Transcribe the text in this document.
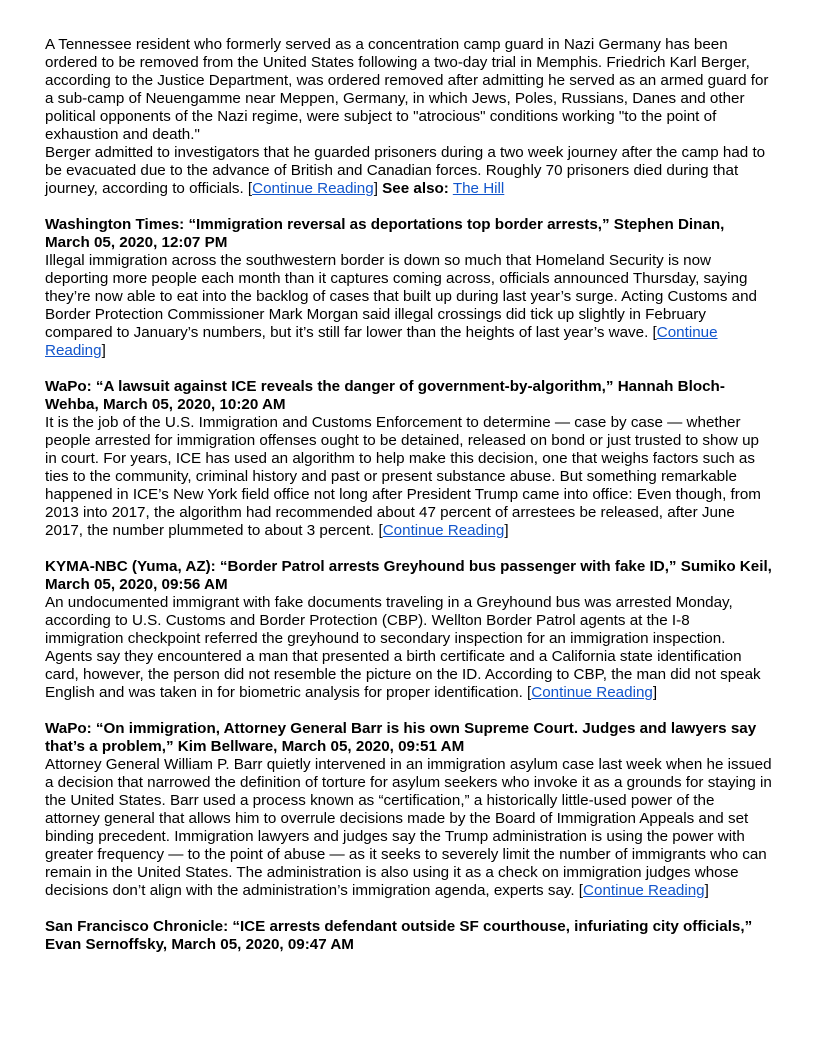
A Tennessee resident who formerly served as a concentration camp guard in Nazi Germany has been ordered to be removed from the United States following a two-day trial in Memphis. Friedrich Karl Berger, according to the Justice Department, was ordered removed after admitting he served as an armed guard for a sub-camp of Neuengamme near Meppen, Germany, in which Jews, Poles, Russians, Danes and other political opponents of the Nazi regime, were subject to "atrocious" conditions working "to the point of exhaustion and death."

Berger admitted to investigators that he guarded prisoners during a two week journey after the camp had to be evacuated due to the advance of British and Canadian forces. Roughly 70 prisoners died during that journey, according to officials. [Continue Reading] See also: The Hill

Washington Times: “Immigration reversal as deportations top border arrests,” Stephen Dinan, March 05, 2020, 12:07 PM

Illegal immigration across the southwestern border is down so much that Homeland Security is now deporting more people each month than it captures coming across, officials announced Thursday, saying they’re now able to eat into the backlog of cases that built up during last year’s surge. Acting Customs and Border Protection Commissioner Mark Morgan said illegal crossings did tick up slightly in February compared to January’s numbers, but it’s still far lower than the heights of last year’s wave. [Continue Reading]

WaPo: “A lawsuit against ICE reveals the danger of government-by-algorithm,” Hannah Bloch-Wehba, March 05, 2020, 10:20 AM

It is the job of the U.S. Immigration and Customs Enforcement to determine — case by case — whether people arrested for immigration offenses ought to be detained, released on bond or just trusted to show up in court. For years, ICE has used an algorithm to help make this decision, one that weighs factors such as ties to the community, criminal history and past or present substance abuse. But something remarkable happened in ICE’s New York field office not long after President Trump came into office: Even though, from 2013 into 2017, the algorithm had recommended about 47 percent of arrestees be released, after June 2017, the number plummeted to about 3 percent. [Continue Reading]

KYMA-NBC (Yuma, AZ): “Border Patrol arrests Greyhound bus passenger with fake ID,” Sumiko Keil, March 05, 2020, 09:56 AM

An undocumented immigrant with fake documents traveling in a Greyhound bus was arrested Monday, according to U.S. Customs and Border Protection (CBP). Wellton Border Patrol agents at the I-8 immigration checkpoint referred the greyhound to secondary inspection for an immigration inspection. Agents say they encountered a man that presented a birth certificate and a California state identification card, however, the person did not resemble the picture on the ID. According to CBP, the man did not speak English and was taken in for biometric analysis for proper identification. [Continue Reading]

WaPo: “On immigration, Attorney General Barr is his own Supreme Court. Judges and lawyers say that’s a problem,” Kim Bellware, March 05, 2020, 09:51 AM

Attorney General William P. Barr quietly intervened in an immigration asylum case last week when he issued a decision that narrowed the definition of torture for asylum seekers who invoke it as a grounds for staying in the United States. Barr used a process known as “certification,” a historically little-used power of the attorney general that allows him to overrule decisions made by the Board of Immigration Appeals and set binding precedent. Immigration lawyers and judges say the Trump administration is using the power with greater frequency — to the point of abuse — as it seeks to severely limit the number of immigrants who can remain in the United States. The administration is also using it as a check on immigration judges whose decisions don’t align with the administration’s immigration agenda, experts say. [Continue Reading]

San Francisco Chronicle: “ICE arrests defendant outside SF courthouse, infuriating city officials,” Evan Sernoffsky, March 05, 2020, 09:47 AM
